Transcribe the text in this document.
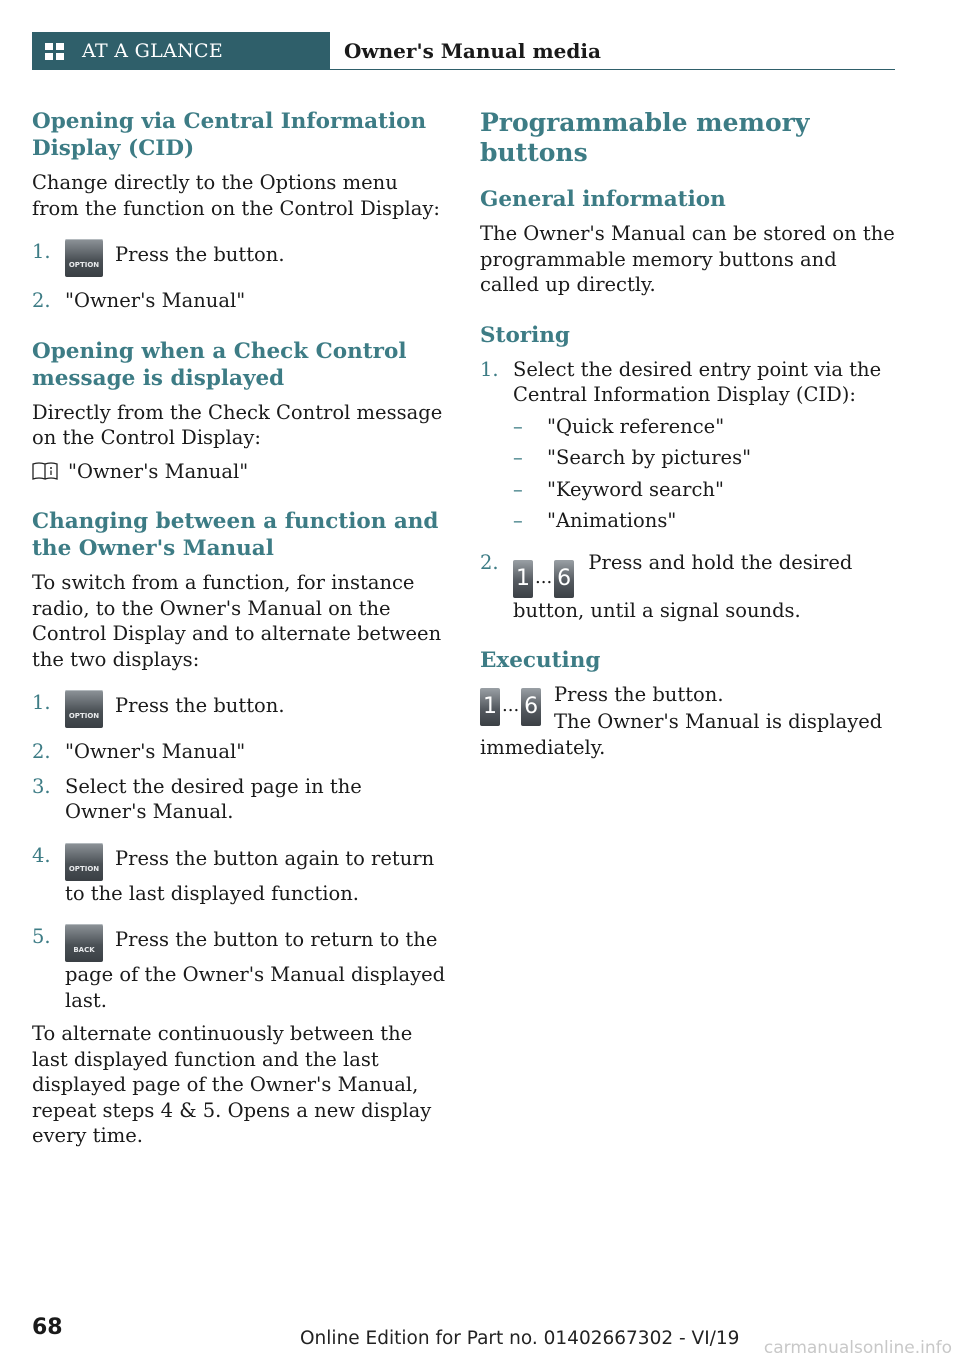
AT A GLANCE	Owner's Manual media
Opening via Central Information Display (CID)

Change directly to the Options menu from the function on the Control Display:

1.
OPTION Press the button.
2. "Owner's Manual"
Opening when a Check Control message is displayed

Directly from the Check Control message on the Control Display:

"Owner's Manual"

Changing between a function and the Owner's Manual

To switch from a function, for instance radio, to the Owner's Manual on the Control Display and to alternate between the two displays:

1.
OPTION Press the button.
2. "Owner's Manual"
3. Select the desired page in the Owner's Manual.
4.
OPTION Press the button again to return to the last displayed function.
5.
BACK	Press the button to return to the page of the Owner's Manual displayed last.

To alternate continuously between the last displayed function and the last displayed page of the Owner's Manual, repeat steps 4 & 5. Opens a new display every time.

Programmable memory buttons
General information

The Owner's Manual can be stored on the programmable memory buttons and called up directly.

Storing
1. Select the desired entry point via the Central Information Display (CID):
– "Quick reference"
– "Search by pictures"
– "Keyword search"
– "Animations"
2.
1 ... 6 Press and hold the desired button, until a signal sounds.
Executing
1 ... 6 Press the button.

The Owner's Manual is displayed immediately.

68	Online Edition for Part no. 01402667302 - VI/19 carmanualsonline.info
